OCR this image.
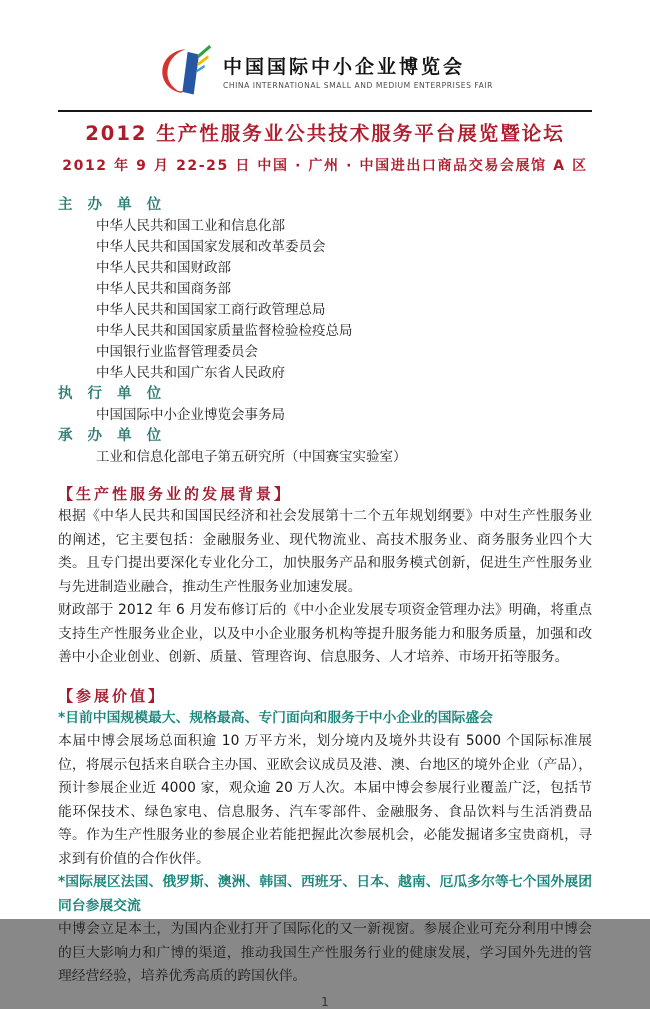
中国国际中小企业博览会
CHINA INTERNATIONAL SMALL AND MEDIUM ENTERPRISES FAIR
2012 生产性服务业公共技术服务平台展览暨论坛
2012 年 9 月 22-25 日 中国 · 广州 · 中国进出口商品交易会展馆 A 区
主 办 单 位
中华人民共和国工业和信息化部
中华人民共和国国家发展和改革委员会
中华人民共和国财政部
中华人民共和国商务部
中华人民共和国国家工商行政管理总局
中华人民共和国国家质量监督检验检疫总局
中国银行业监督管理委员会
中华人民共和国广东省人民政府
执 行 单 位
中国国际中小企业博览会事务局
承 办 单 位
工业和信息化部电子第五研究所（中国赛宝实验室）
【生产性服务业的发展背景】

根据《中华人民共和国国民经济和社会发展第十二个五年规划纲要》中对生产性服务业的阐述，它主要包括：金融服务业、现代物流业、高技术服务业、商务服务业四个大类。且专门提出要深化专业化分工，加快服务产品和服务模式创新，促进生产性服务业与先进制造业融合，推动生产性服务业加速发展。

财政部于 2012 年 6 月发布修订后的《中小企业发展专项资金管理办法》明确，将重点支持生产性服务业企业，以及中小企业服务机构等提升服务能力和服务质量，加强和改善中小企业创业、创新、质量、管理咨询、信息服务、人才培养、市场开拓等服务。

【参展价值】
*目前中国规模最大、规格最高、专门面向和服务于中小企业的国际盛会

本届中博会展场总面积逾 10 万平方米，划分境内及境外共设有 5000 个国际标准展位，将展示包括来自联合主办国、亚欧会议成员及港、澳、台地区的境外企业（产品），预计参展企业近 4000 家，观众逾 20 万人次。本届中博会参展行业覆盖广泛，包括节能环保技术、绿色家电、信息服务、汽车零部件、金融服务、食品饮料与生活消费品等。作为生产性服务业的参展企业若能把握此次参展机会，必能发掘诸多宝贵商机，寻求到有价值的合作伙伴。

*国际展区法国、俄罗斯、澳洲、韩国、西班牙、日本、越南、厄瓜多尔等七个国外展团同台参展交流

中博会立足本土，为国内企业打开了国际化的又一新视窗。参展企业可充分利用中博会的巨大影响力和广博的渠道，推动我国生产性服务行业的健康发展，学习国外先进的管理经营经验，培养优秀高质的跨国伙伴。

1
